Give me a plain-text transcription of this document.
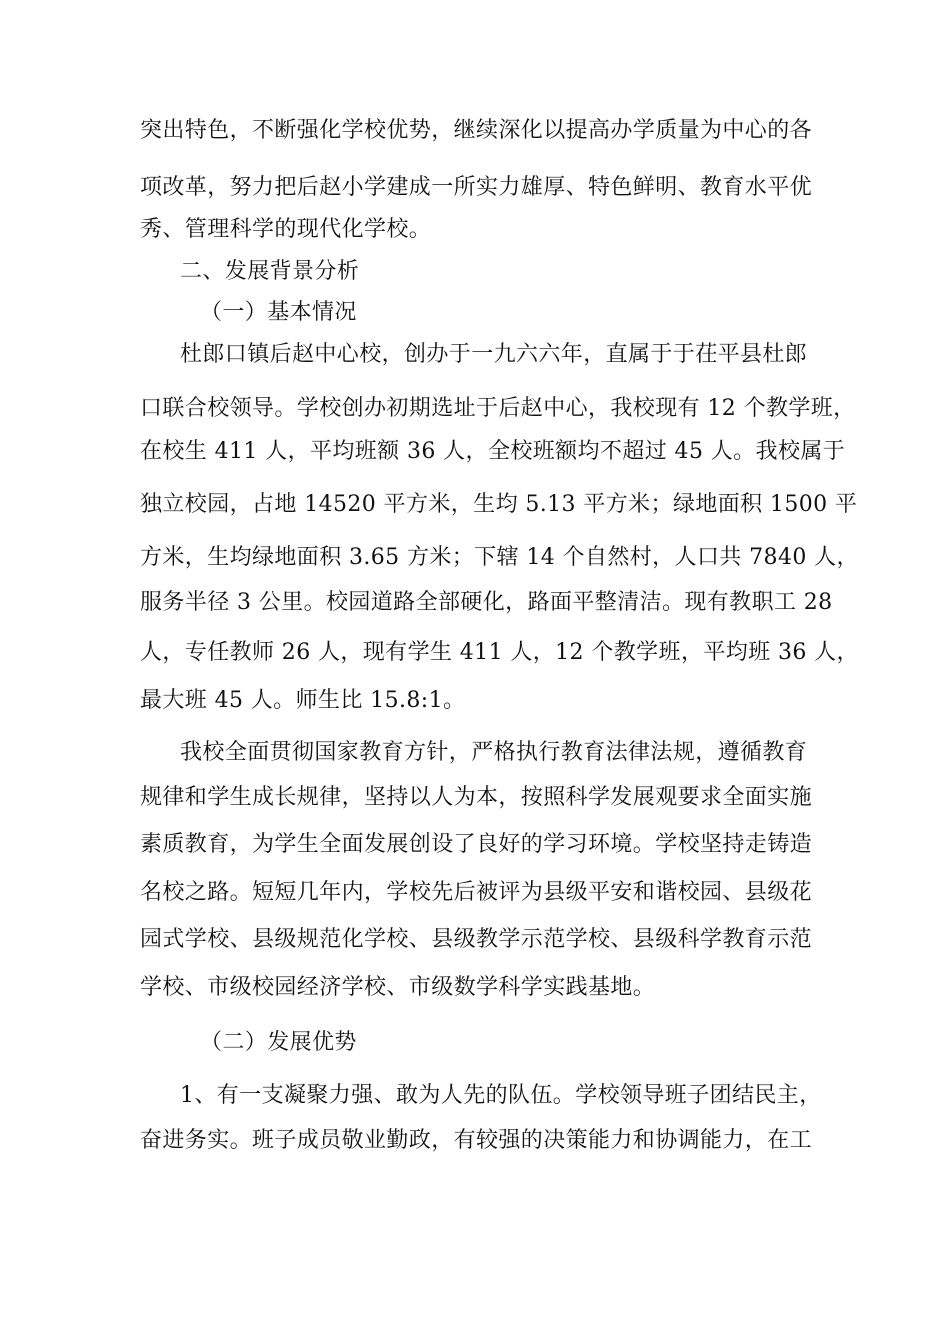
突出特色，不断强化学校优势，继续深化以提高办学质量为中心的各
项改革，努力把后赵小学建成一所实力雄厚、特色鲜明、教育水平优
秀、管理科学的现代化学校。
二、发展背景分析
（一）基本情况
杜郎口镇后赵中心校，创办于一九六六年，直属于于茌平县杜郎
口联合校领导。学校创办初期选址于后赵中心，我校现有 12 个教学班，
在校生 411 人，平均班额 36 人，全校班额均不超过 45 人。我校属于
独立校园，占地 14520 平方米，生均 5.13 平方米；绿地面积 1500 平
方米，生均绿地面积 3.65 方米；下辖 14 个自然村，人口共 7840 人，
服务半径 3 公里。校园道路全部硬化，路面平整清洁。现有教职工 28
人，专任教师 26 人，现有学生 411 人，12 个教学班，平均班 36 人，
最大班 45 人。师生比 15.8:1。
我校全面贯彻国家教育方针，严格执行教育法律法规，遵循教育
规律和学生成长规律，坚持以人为本，按照科学发展观要求全面实施
素质教育，为学生全面发展创设了良好的学习环境。学校坚持走铸造
名校之路。短短几年内，学校先后被评为县级平安和谐校园、县级花
园式学校、县级规范化学校、县级教学示范学校、县级科学教育示范
学校、市级校园经济学校、市级数学科学实践基地。
（二）发展优势
1、有一支凝聚力强、敢为人先的队伍。学校领导班子团结民主，
奋进务实。班子成员敬业勤政，有较强的决策能力和协调能力，在工
